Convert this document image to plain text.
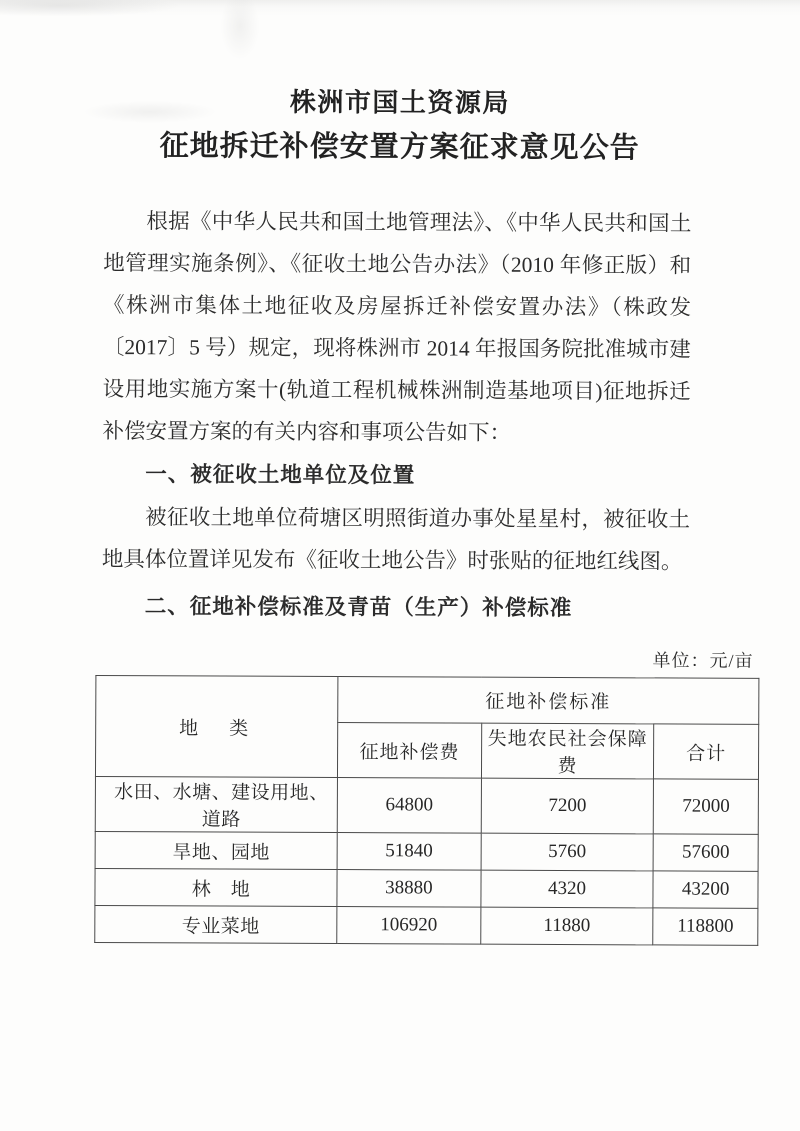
株洲市国土资源局
征地拆迁补偿安置方案征求意见公告

根据《中华人民共和国土地管理法》、《中华人民共和国土地管理实施条例》、《征收土地公告办法》（2010 年修正版）和《株洲市集体土地征收及房屋拆迁补偿安置办法》（株政发〔2017〕5 号）规定，现将株洲市 2014 年报国务院批准城市建设用地实施方案十(轨道工程机械株洲制造基地项目)征地拆迁补偿安置方案的有关内容和事项公告如下：

一、被征收土地单位及位置

被征收土地单位荷塘区明照街道办事处星星村，被征收土地具体位置详见发布《征收土地公告》时张贴的征地红线图。

二、征地补偿标准及青苗（生产）补偿标准

单位：元/亩
地　类	征地补偿标准		
	征地补偿费	失地农民社会保障费	合计
水田、水塘、建设用地、道路	64800	7200	72000
旱地、园地	51840	5760	57600
林　地	38880	4320	43200
专业菜地	106920	11880	118800
